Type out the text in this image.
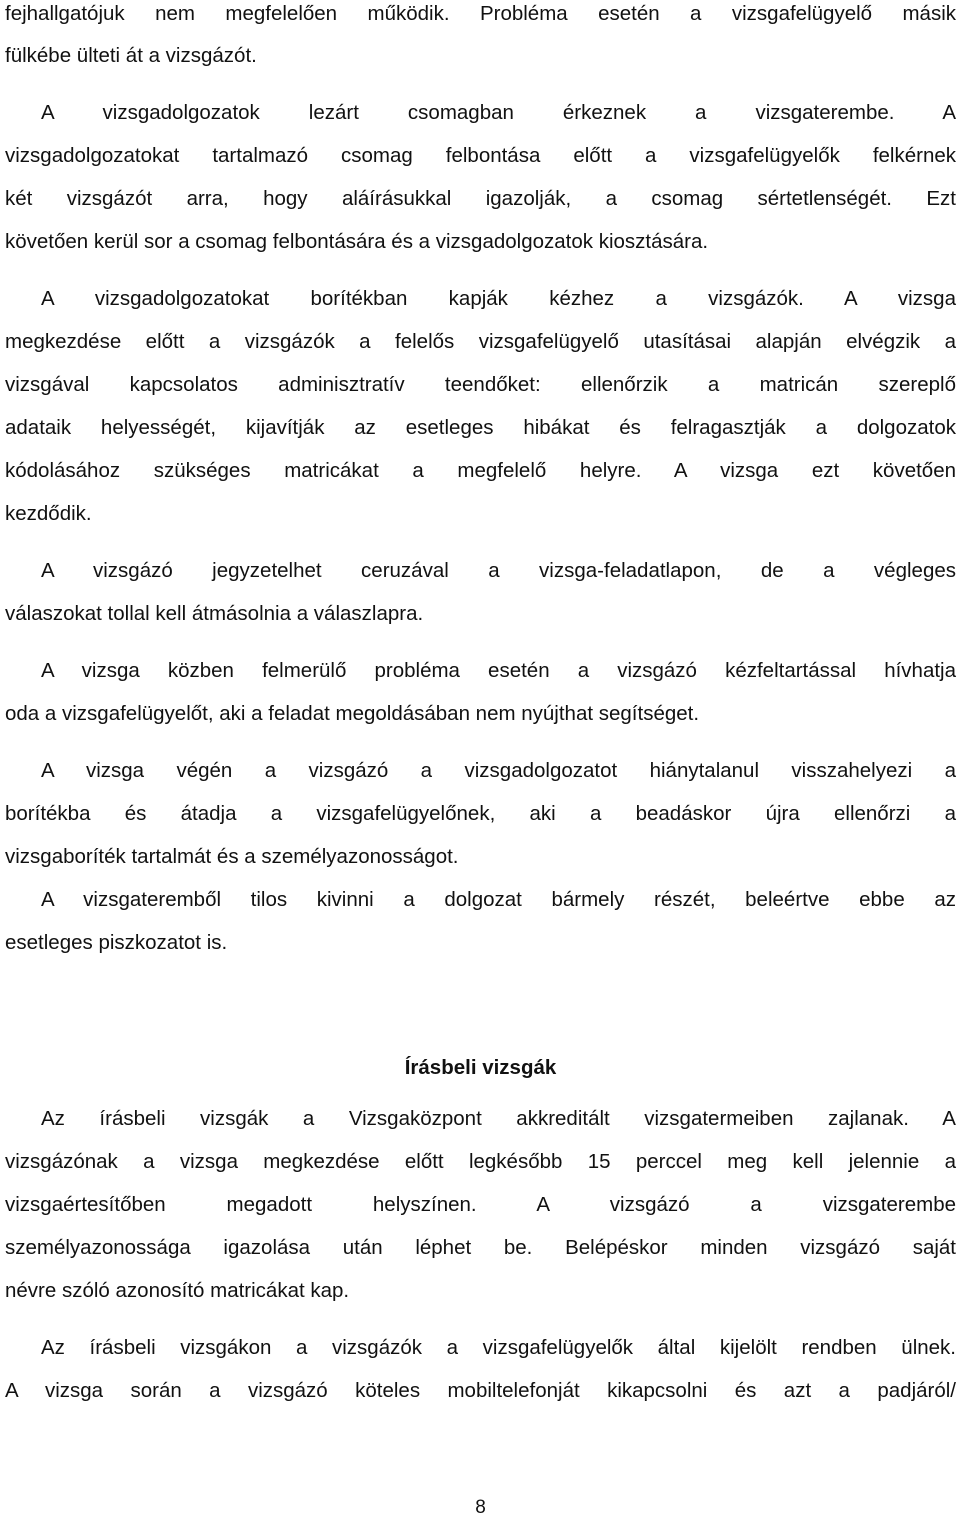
fejhallgatójuk nem megfelelően működik. Probléma esetén a vizsgafelügyelő másik
fülkébe ülteti át a vizsgázót.
A vizsgadolgozatok lezárt csomagban érkeznek a vizsgaterembe. A
vizsgadolgozatokat tartalmazó csomag felbontása előtt a vizsgafelügyelők felkérnek
két vizsgázót arra, hogy aláírásukkal igazolják, a csomag sértetlenségét. Ezt
követően kerül sor a csomag felbontására és a vizsgadolgozatok kiosztására.
A vizsgadolgozatokat borítékban kapják kézhez a vizsgázók. A vizsga
megkezdése előtt a vizsgázók a felelős vizsgafelügyelő utasításai alapján elvégzik a
vizsgával kapcsolatos adminisztratív teendőket: ellenőrzik a matricán szereplő
adataik helyességét, kijavítják az esetleges hibákat és felragasztják a dolgozatok
kódolásához szükséges matricákat a megfelelő helyre. A vizsga ezt követően
kezdődik.
A vizsgázó jegyzetelhet ceruzával a vizsga-feladatlapon, de a végleges
válaszokat tollal kell átmásolnia a válaszlapra.
A vizsga közben felmerülő probléma esetén a vizsgázó kézfeltartással hívhatja
oda a vizsgafelügyelőt, aki a feladat megoldásában nem nyújthat segítséget.
A vizsga végén a vizsgázó a vizsgadolgozatot hiánytalanul visszahelyezi a
borítékba és átadja a vizsgafelügyelőnek, aki a beadáskor újra ellenőrzi a
vizsgaboríték tartalmát és a személyazonosságot.
A vizsgateremből tilos kivinni a dolgozat bármely részét, beleértve ebbe az
esetleges piszkozatot is.
Írásbeli vizsgák
Az írásbeli vizsgák a Vizsgaközpont akkreditált vizsgatermeiben zajlanak. A
vizsgázónak a vizsga megkezdése előtt legkésőbb 15 perccel meg kell jelennie a
vizsgaértesítőben megadott helyszínen. A vizsgázó a vizsgaterembe
személyazonossága igazolása után léphet be. Belépéskor minden vizsgázó saját
névre szóló azonosító matricákat kap.
Az írásbeli vizsgákon a vizsgázók a vizsgafelügyelők által kijelölt rendben ülnek.
A vizsga során a vizsgázó köteles mobiltelefonját kikapcsolni és azt a padjáról/
8
